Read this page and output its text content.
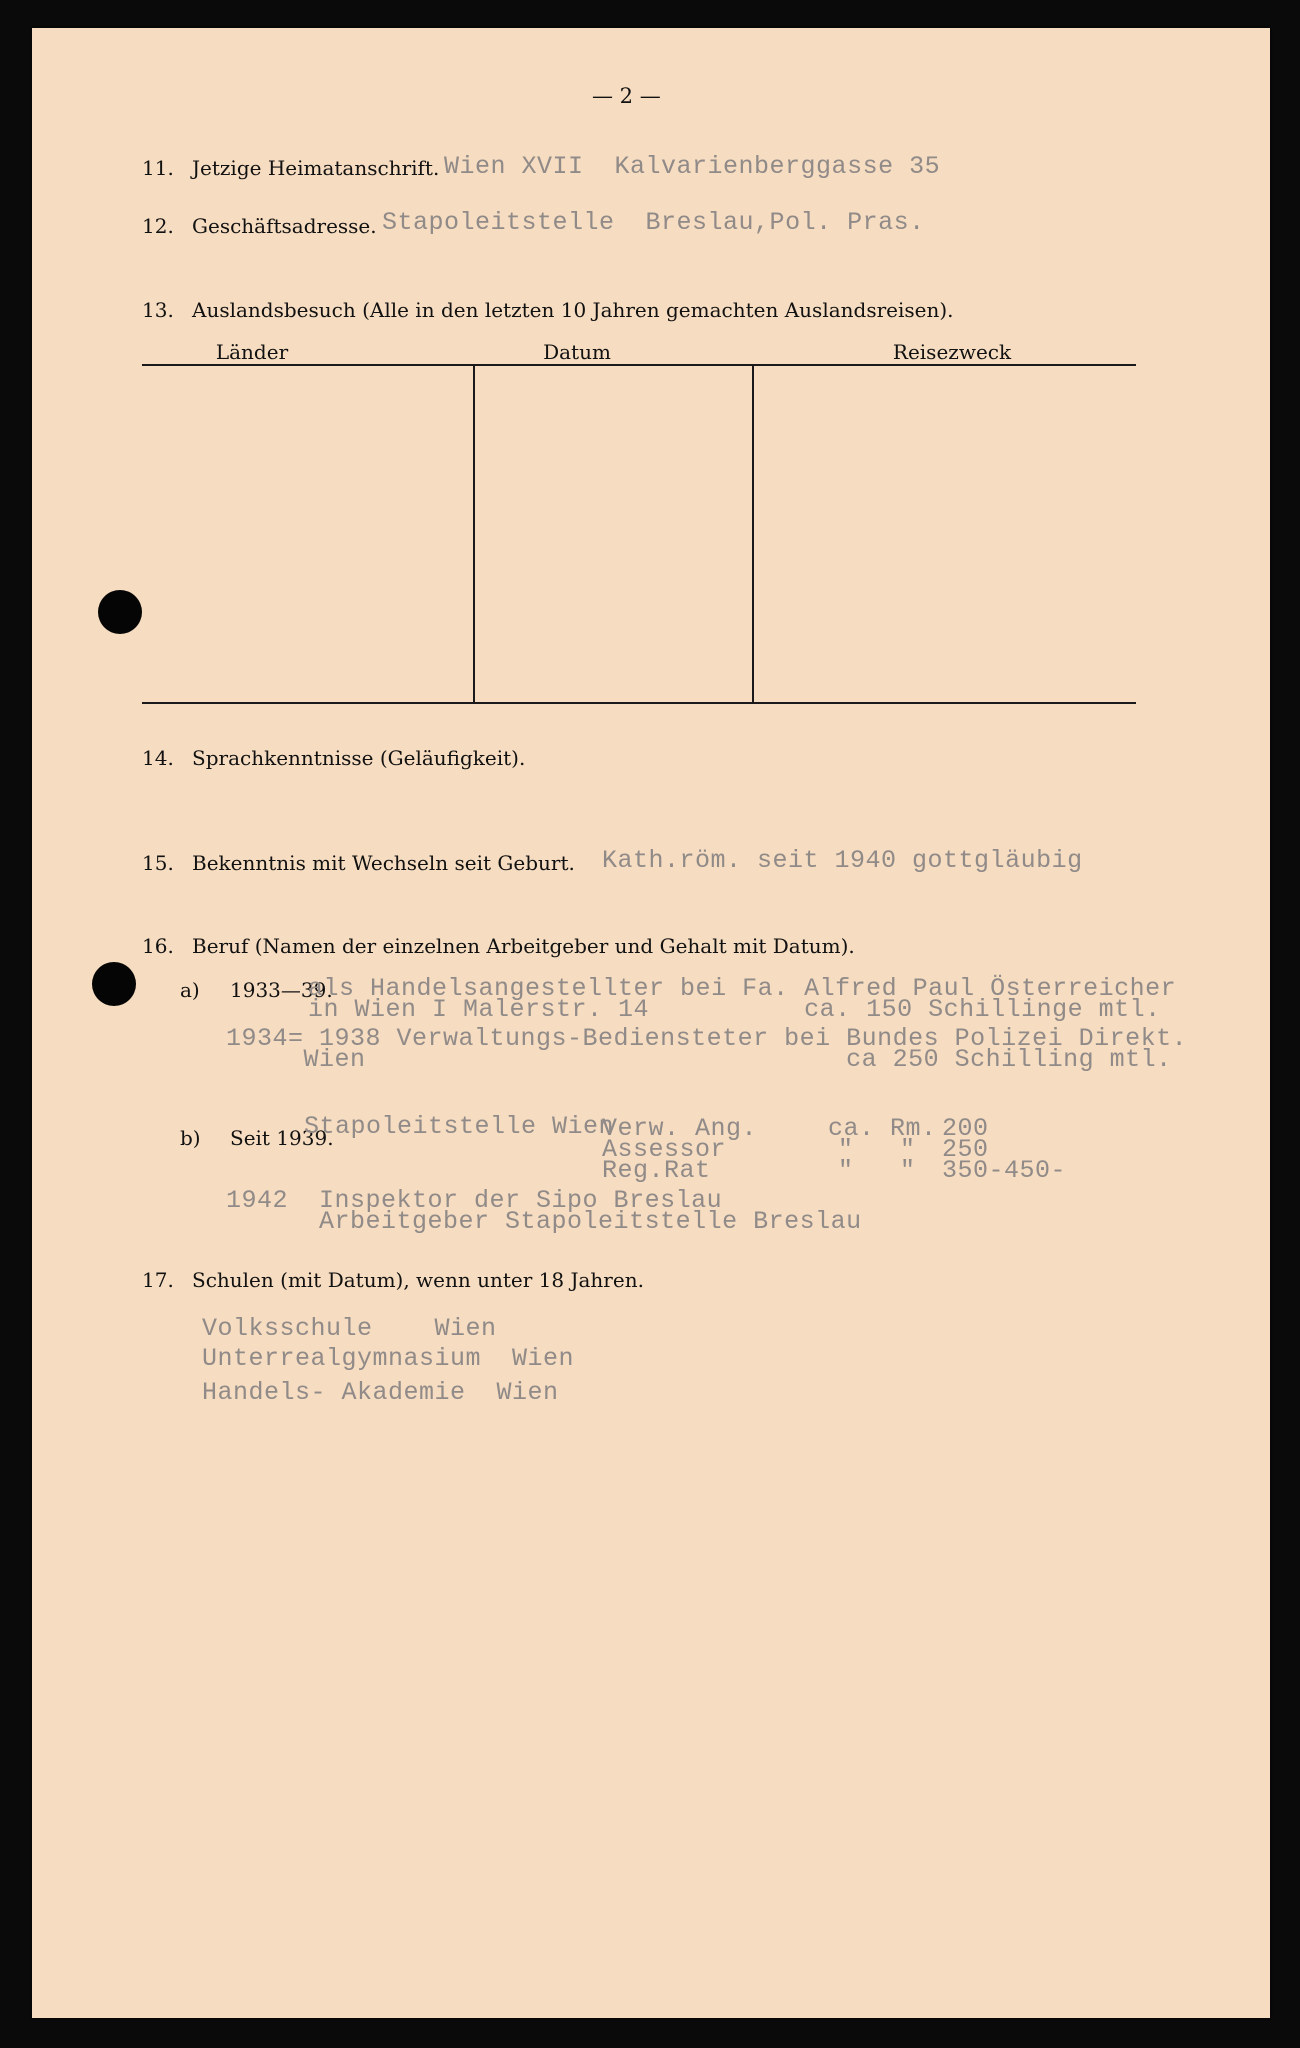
— 2 —
11. Jetzige Heimatanschrift. Wien XVII  Kalvarienberggasse 35
12. Geschäftsadresse. Stapoleitstelle  Breslau,Pol. Pras.
13. Auslandsbesuch (Alle in den letzten 10 Jahren gemachten Auslandsreisen).
Länder	Datum	Reisezweck
14. Sprachkenntnisse (Geläufigkeit).
15. Bekenntnis mit Wechseln seit Geburt. Kath.röm. seit 1940 gottgläubig
16. Beruf (Namen der einzelnen Arbeitgeber und Gehalt mit Datum).
a) 1933—39.
als Handelsangestellter bei Fa. Alfred Paul Österreicher
in Wien I Malerstr. 14          ca. 150 Schillinge mtl.
1934= 1938 Verwaltungs-Bediensteter bei Bundes Polizei Direkt.
Wien                               ca 250 Schilling mtl.
b) Seit 1939.
Stapoleitstelle Wien
Verw. Ang.
Assessor
Reg.Rat
ca. Rm.
"   "
"   "
200
250
350-450-
1942  Inspektor der Sipo Breslau
Arbeitgeber Stapoleitstelle Breslau
17. Schulen (mit Datum), wenn unter 18 Jahren.
Volksschule    Wien
Unterrealgymnasium  Wien
Handels- Akademie  Wien
